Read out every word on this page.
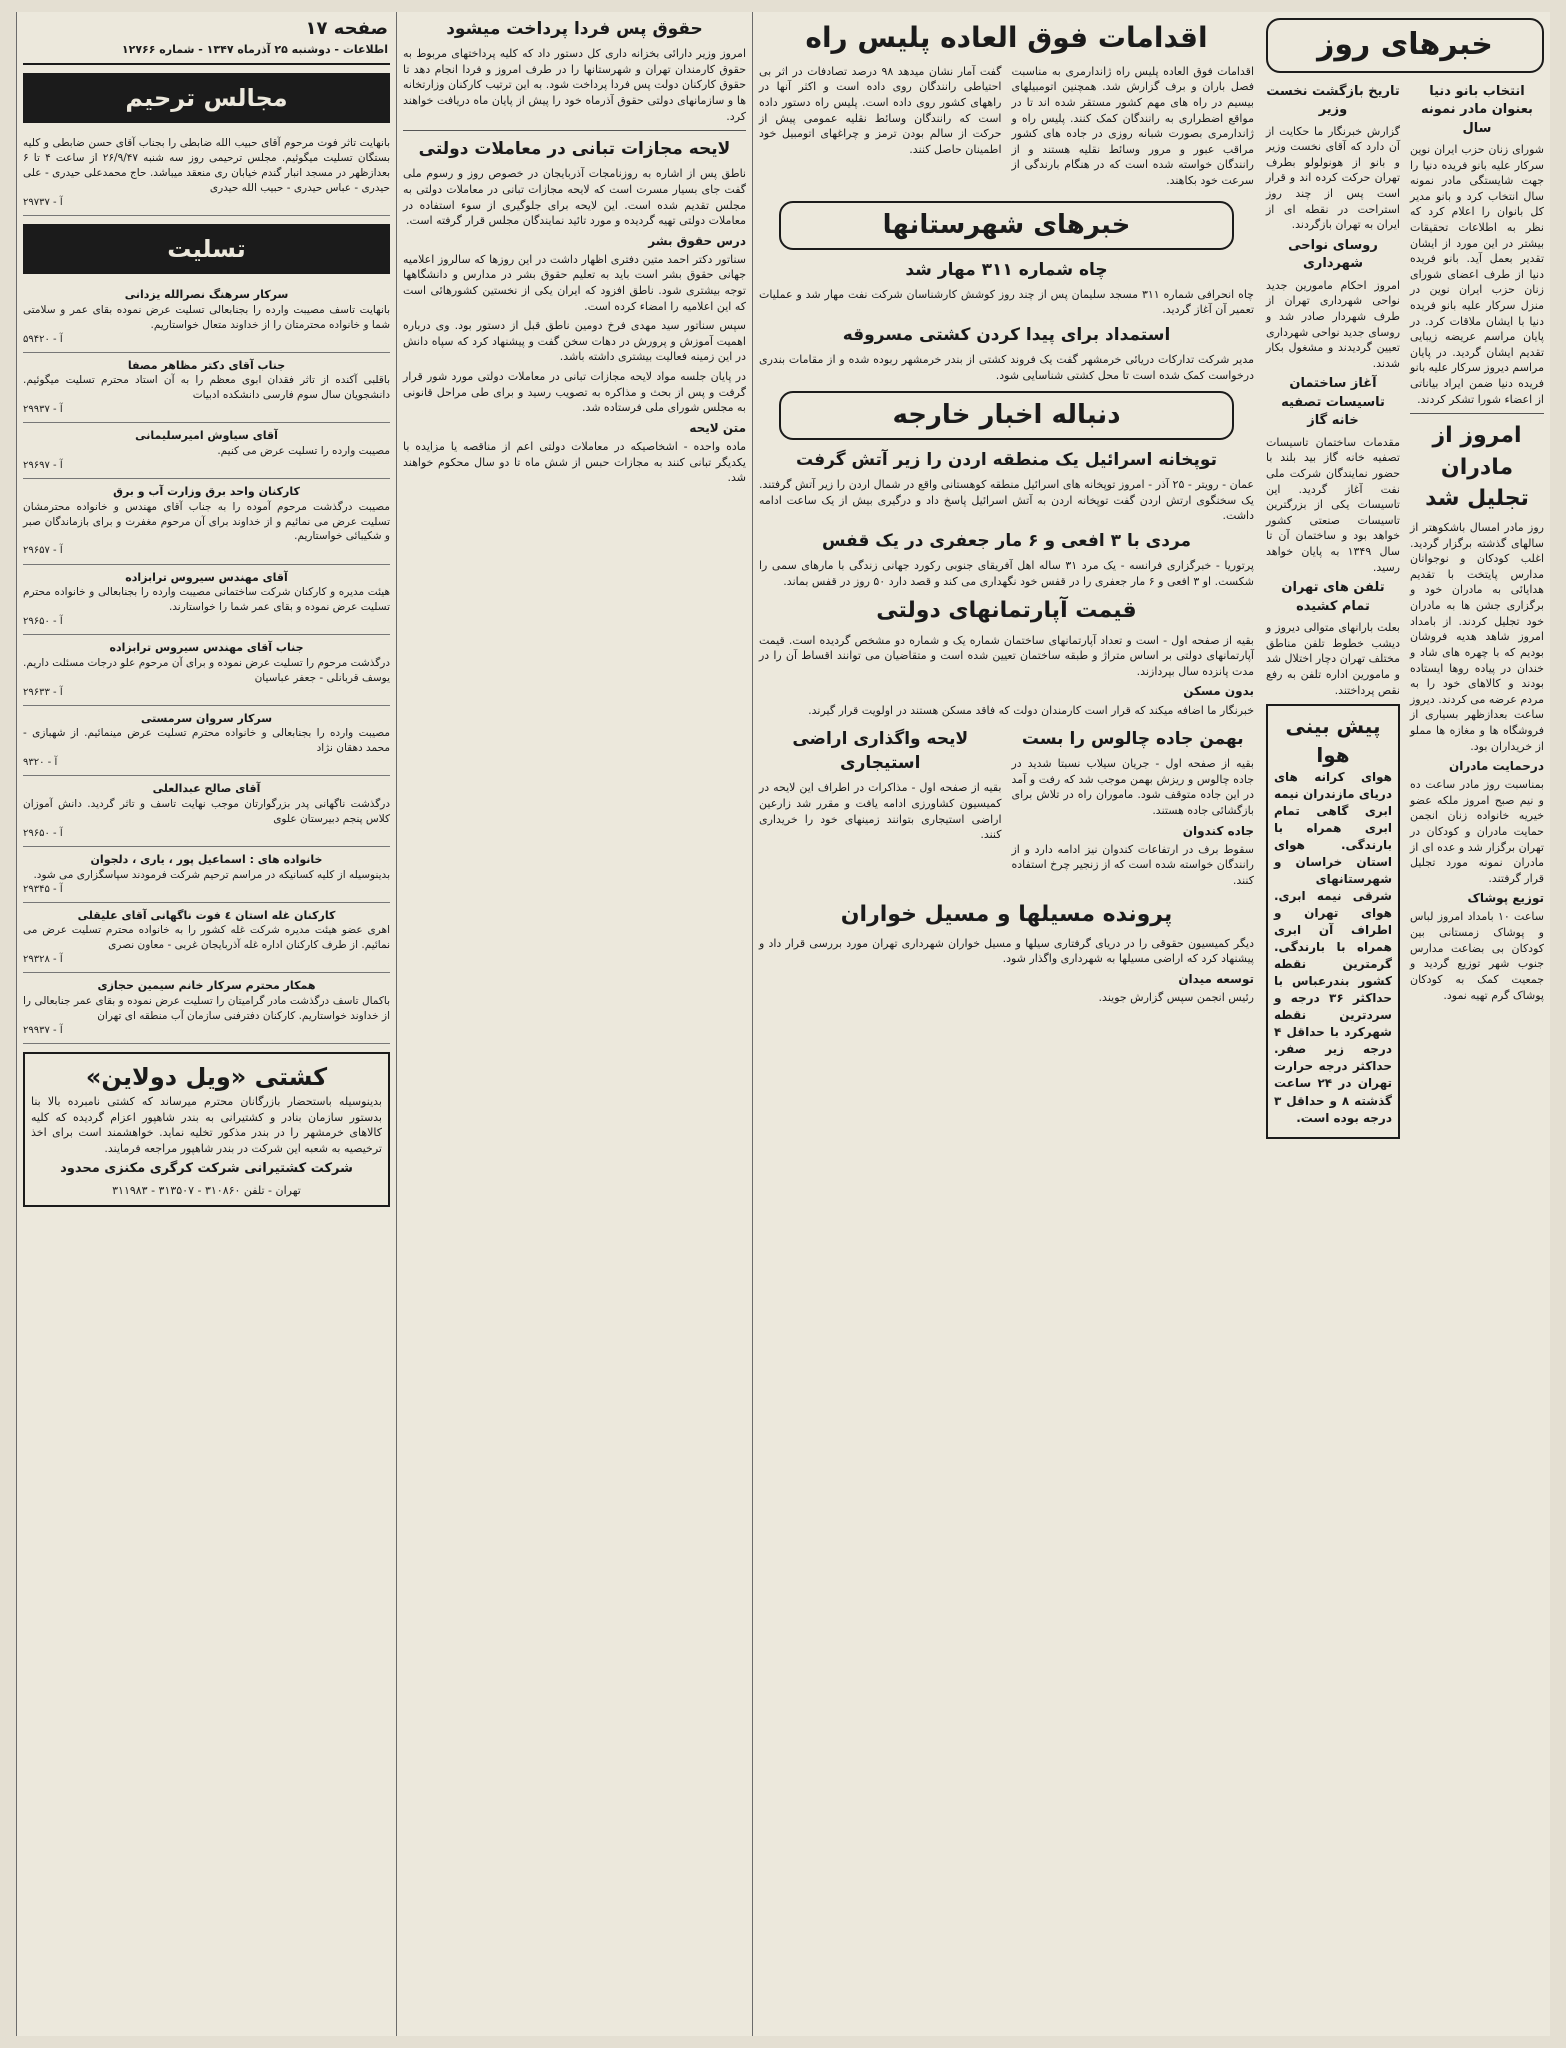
خبرهای روز
انتخاب بانو دنیا بعنوان مادر نمونه سال

شورای زنان حزب ایران نوین سرکار علیه بانو فریده دنیا را جهت شایستگی مادر نمونه سال انتخاب کرد و بانو مدیر کل بانوان را اعلام کرد که نظر به اطلاعات تحقیقات بیشتر در این مورد از ایشان تقدیر بعمل آید. بانو فریده دنیا از طرف اعضای شورای زنان حزب ایران نوین در منزل سرکار علیه بانو فریده دنیا با ایشان ملاقات کرد. در پایان مراسم عریضه زیبایی تقدیم ایشان گردید. در پایان مراسم دیروز سرکار علیه بانو فریده دنیا ضمن ایراد بیاناتی از اعضاء شورا تشکر کردند.

امروز از مادران تجلیل شد

روز مادر امسال باشکوهتر از سالهای گذشته برگزار گردید. اغلب کودکان و نوجوانان مدارس پایتخت با تقدیم هدایائی به مادران خود و برگزاری جشن ها به مادران خود تجلیل کردند. از بامداد امروز شاهد هدیه فروشان بودیم که با چهره های شاد و خندان در پیاده روها ایستاده بودند و کالاهای خود را به مردم عرضه می کردند. دیروز ساعت بعدازظهر بسیاری از فروشگاه ها و مغازه ها مملو از خریداران بود.

درحمایت مادران

بمناسبت روز مادر ساعت ده و نیم صبح امروز ملکه عضو خیریه خانواده زنان انجمن حمایت مادران و کودکان در تهران برگزار شد و عده ای از مادران نمونه مورد تجلیل قرار گرفتند.

توزیع پوشاک

ساعت ۱۰ بامداد امروز لباس و پوشاک زمستانی بین کودکان بی بضاعت مدارس جنوب شهر توزیع گردید و جمعیت کمک به کودکان پوشاک گرم تهیه نمود.

تاریخ بازگشت نخست وزیر

گزارش خبرنگار ما حکایت از آن دارد که آقای نخست وزیر و بانو از هونولولو بطرف تهران حرکت کرده اند و قرار است پس از چند روز استراحت در نقطه ای از ایران به تهران بازگردند.

روسای نواحی شهرداری

امروز احکام مامورین جدید نواحی شهرداری تهران از طرف شهردار صادر شد و روسای جدید نواحی شهرداری تعیین گردیدند و مشغول بکار شدند.

آغاز ساختمان تاسیسات تصفیه خانه گاز

مقدمات ساختمان تاسیسات تصفیه خانه گاز بید بلند با حضور نمایندگان شرکت ملی نفت آغاز گردید. این تاسیسات یکی از بزرگترین تاسیسات صنعتی کشور خواهد بود و ساختمان آن تا سال ۱۳۴۹ به پایان خواهد رسید.

تلفن های تهران تمام کشیده

بعلت بارانهای متوالی دیروز و دیشب خطوط تلفن مناطق مختلف تهران دچار اختلال شد و مامورین اداره تلفن به رفع نقص پرداختند.

پیش بینی هوا

هوای کرانه های دریای مازندران نیمه ابری گاهی تمام ابری همراه با بارندگی. هوای استان خراسان و شهرستانهای شرقی نیمه ابری. هوای تهران و اطراف آن ابری همراه با بارندگی. گرمترین نقطه کشور بندرعباس با حداکثر ۳۶ درجه و سردترین نقطه شهرکرد با حداقل ۴ درجه زیر صفر. حداکثر درجه حرارت تهران در ۲۴ ساعت گذشته ۸ و حداقل ۳ درجه بوده است.

اقدامات فوق العاده پلیس راه

اقدامات فوق العاده پلیس راه ژاندارمری به مناسبت فصل باران و برف گزارش شد. همچنین اتومبیلهای بیسیم در راه های مهم کشور مستقر شده اند تا در مواقع اضطراری به رانندگان کمک کنند. پلیس راه و ژاندارمری بصورت شبانه روزی در جاده های کشور مراقب عبور و مرور وسائط نقلیه هستند و از رانندگان خواسته شده است که در هنگام بارندگی از سرعت خود بکاهند.

گفت آمار نشان میدهد ۹۸ درصد تصادفات در اثر بی احتیاطی رانندگان روی داده است و اکثر آنها در راههای کشور روی داده است. پلیس راه دستور داده است که رانندگان وسائط نقلیه عمومی پیش از حرکت از سالم بودن ترمز و چراغهای اتومبیل خود اطمینان حاصل کنند.

خبرهای شهرستانها
چاه شماره ۳۱۱ مهار شد

چاه انحرافی شماره ۳۱۱ مسجد سلیمان پس از چند روز کوشش کارشناسان شرکت نفت مهار شد و عملیات تعمیر آن آغاز گردید.

استمداد برای پیدا کردن کشتی مسروقه

مدیر شرکت تدارکات دریائی خرمشهر گفت یک فروند کشتی از بندر خرمشهر ربوده شده و از مقامات بندری درخواست کمک شده است تا محل کشتی شناسایی شود.

دنباله اخبار خارجه
توپخانه اسرائیل یک منطقه اردن را زیر آتش گرفت

عمان - رویتر - ۲۵ آذر - امروز توپخانه های اسرائیل منطقه کوهستانی واقع در شمال اردن را زیر آتش گرفتند. یک سخنگوی ارتش اردن گفت توپخانه اردن به آتش اسرائیل پاسخ داد و درگیری بیش از یک ساعت ادامه داشت.

مردی با ۳ افعی و ۶ مار جعفری در یک قفس

پرتوریا - خبرگزاری فرانسه - یک مرد ۳۱ ساله اهل آفریقای جنوبی رکورد جهانی زندگی با مارهای سمی را شکست. او ۳ افعی و ۶ مار جعفری را در قفس خود نگهداری می کند و قصد دارد ۵۰ روز در قفس بماند.

قیمت آپارتمانهای دولتی

بقیه از صفحه اول - است و تعداد آپارتمانهای ساختمان شماره یک و شماره دو مشخص گردیده است. قیمت آپارتمانهای دولتی بر اساس متراژ و طبقه ساختمان تعیین شده است و متقاضیان می توانند اقساط آن را در مدت پانزده سال بپردازند.

بدون مسکن

خبرنگار ما اضافه میکند که قرار است کارمندان دولت که فاقد مسکن هستند در اولویت قرار گیرند.

بهمن جاده چالوس را بست

بقیه از صفحه اول - جریان سیلاب نسبتا شدید در جاده چالوس و ریزش بهمن موجب شد که رفت و آمد در این جاده متوقف شود. ماموران راه در تلاش برای بازگشائی جاده هستند.

جاده کندوان

سقوط برف در ارتفاعات کندوان نیز ادامه دارد و از رانندگان خواسته شده است که از زنجیر چرخ استفاده کنند.

لایحه واگذاری اراضی استیجاری

بقیه از صفحه اول - مذاکرات در اطراف این لایحه در کمیسیون کشاورزی ادامه یافت و مقرر شد زارعین اراضی استیجاری بتوانند زمینهای خود را خریداری کنند.

پرونده مسیلها و مسیل خواران

دیگر کمیسیون حقوقی را در دریای گرفتاری سیلها و مسیل خواران شهرداری تهران مورد بررسی قرار داد و پیشنهاد کرد که اراضی مسیلها به شهرداری واگذار شود.

توسعه میدان

رئیس انجمن سپس گزارش جویند.

حقوق پس فردا پرداخت میشود

امروز وزیر دارائی بخزانه داری کل دستور داد که کلیه پرداختهای مربوط به حقوق کارمندان تهران و شهرستانها را در طرف امروز و فردا انجام دهد تا حقوق کارکنان دولت پس فردا پرداخت شود. به این ترتیب کارکنان وزارتخانه ها و سازمانهای دولتی حقوق آذرماه خود را پیش از پایان ماه دریافت خواهند کرد.

لایحه مجازات تبانی در معاملات دولتی

ناطق پس از اشاره به روزنامجات آذربایجان در خصوص روز و رسوم ملی گفت جای بسیار مسرت است که لایحه مجازات تبانی در معاملات دولتی به مجلس تقدیم شده است. این لایحه برای جلوگیری از سوء استفاده در معاملات دولتی تهیه گردیده و مورد تائید نمایندگان مجلس قرار گرفته است.

درس حقوق بشر

سناتور دکتر احمد متین دفتری اظهار داشت در این روزها که سالروز اعلامیه جهانی حقوق بشر است باید به تعلیم حقوق بشر در مدارس و دانشگاهها توجه بیشتری شود. ناطق افزود که ایران یکی از نخستین کشورهائی است که این اعلامیه را امضاء کرده است.

سپس سناتور سید مهدی فرخ دومین ناطق قبل از دستور بود. وی درباره اهمیت آموزش و پرورش در دهات سخن گفت و پیشنهاد کرد که سپاه دانش در این زمینه فعالیت بیشتری داشته باشد.

در پایان جلسه مواد لایحه مجازات تبانی در معاملات دولتی مورد شور قرار گرفت و پس از بحث و مذاکره به تصویب رسید و برای طی مراحل قانونی به مجلس شورای ملی فرستاده شد.

متن لایحه

ماده واحده - اشخاصیکه در معاملات دولتی اعم از مناقصه یا مزایده با یکدیگر تبانی کنند به مجازات حبس از شش ماه تا دو سال محکوم خواهند شد.

صفحه ۱۷
اطلاعات - دوشنبه ۲۵ آذرماه ۱۳۴۷ - شماره ۱۲۷۶۶
مجالس ترحیم
بانهایت تاثر فوت مرحوم آقای حبیب الله ضابطی را بجناب آقای حسن ضابطی و کلیه بستگان تسلیت میگوئیم. مجلس ترحیمی روز سه شنبه ۲۶/۹/۴۷ از ساعت ۴ تا ۶ بعدازظهر در مسجد انبار گندم خیابان ری منعقد میباشد. حاج محمدعلی حیدری - علی حیدری - عباس حیدری - حبیب الله حیدری
آ - ۲۹۷۳۷
تسلیت
سرکار سرهنگ نصرالله یزدانی
بانهایت تاسف مصیبت وارده را بجنابعالی تسلیت عرض نموده بقای عمر و سلامتی شما و خانواده محترمتان را از خداوند متعال خواستاریم.
آ - ۵۹۴۲۰
جناب آقای دکتر مظاهر مصفا
باقلبی آکنده از تاثر فقدان ابوی معظم را به آن استاد محترم تسلیت میگوئیم. دانشجویان سال سوم فارسی دانشکده ادبیات
آ - ۲۹۹۳۷
آقای سیاوش امیرسلیمانی
مصیبت وارده را تسلیت عرض می کنیم.
آ - ۲۹۶۹۷
کارکنان واحد برق وزارت آب و برق
مصیبت درگذشت مرحوم آموده را به جناب آقای مهندس و خانواده محترمشان تسلیت عرض می نمائیم و از خداوند برای آن مرحوم مغفرت و برای بازماندگان صبر و شکیبائی خواستاریم.
آ - ۲۹۶۵۷
آقای مهندس سیروس ترابزاده
هیئت مدیره و کارکنان شرکت ساختمانی مصیبت وارده را بجنابعالی و خانواده محترم تسلیت عرض نموده و بقای عمر شما را خواستارند.
آ - ۲۹۶۵۰
جناب آقای مهندس سیروس ترابزاده
درگذشت مرحوم را تسلیت عرض نموده و برای آن مرحوم علو درجات مسئلت داریم. یوسف قربانلی - جعفر عباسیان
آ - ۲۹۶۳۳
سرکار سروان سرمستی
مصیبت وارده را بجنابعالی و خانواده محترم تسلیت عرض مینمائیم. از شهبازی - محمد دهقان نژاد
آ - ۹۳۲۰
آقای صالح عبدالعلی
درگذشت ناگهانی پدر بزرگوارتان موجب نهایت تاسف و تاثر گردید. دانش آموزان کلاس پنجم دبیرستان علوی
آ - ۲۹۶۵۰
خانواده های : اسماعیل پور ، یاری ، دلجوان
بدینوسیله از کلیه کسانیکه در مراسم ترحیم شرکت فرمودند سپاسگزاری می شود.
آ - ۲۹۳۴۵
کارکنان غله استان ٤ فوت ناگهانی آقای علیقلی
اهری عضو هیئت مدیره شرکت غله کشور را به خانواده محترم تسلیت عرض می نمائیم. از طرف کارکنان اداره غله آذربایجان غربی - معاون نصری
آ - ۲۹۳۲۸
همکار محترم سرکار خانم سیمین حجازی
باکمال تاسف درگذشت مادر گرامیتان را تسلیت عرض نموده و بقای عمر جنابعالی را از خداوند خواستاریم. کارکنان دفترفنی سازمان آب منطقه ای تهران
آ - ۲۹۹۳۷
کشتی «ویل دولاین»

بدینوسیله باستحضار بازرگانان محترم میرساند که کشتی نامبرده بالا بنا بدستور سازمان بنادر و کشتیرانی به بندر شاهپور اعزام گردیده که کلیه کالاهای خرمشهر را در بندر مذکور تخلیه نماید. خواهشمند است برای اخذ ترخیصیه به شعبه این شرکت در بندر شاهپور مراجعه فرمایند.

شرکت کشتیرانی شرکت کرگری مکنزی محدود
تهران - تلفن ۳۱۰۸۶۰ - ۳۱۳۵۰۷ - ۳۱۱۹۸۳
